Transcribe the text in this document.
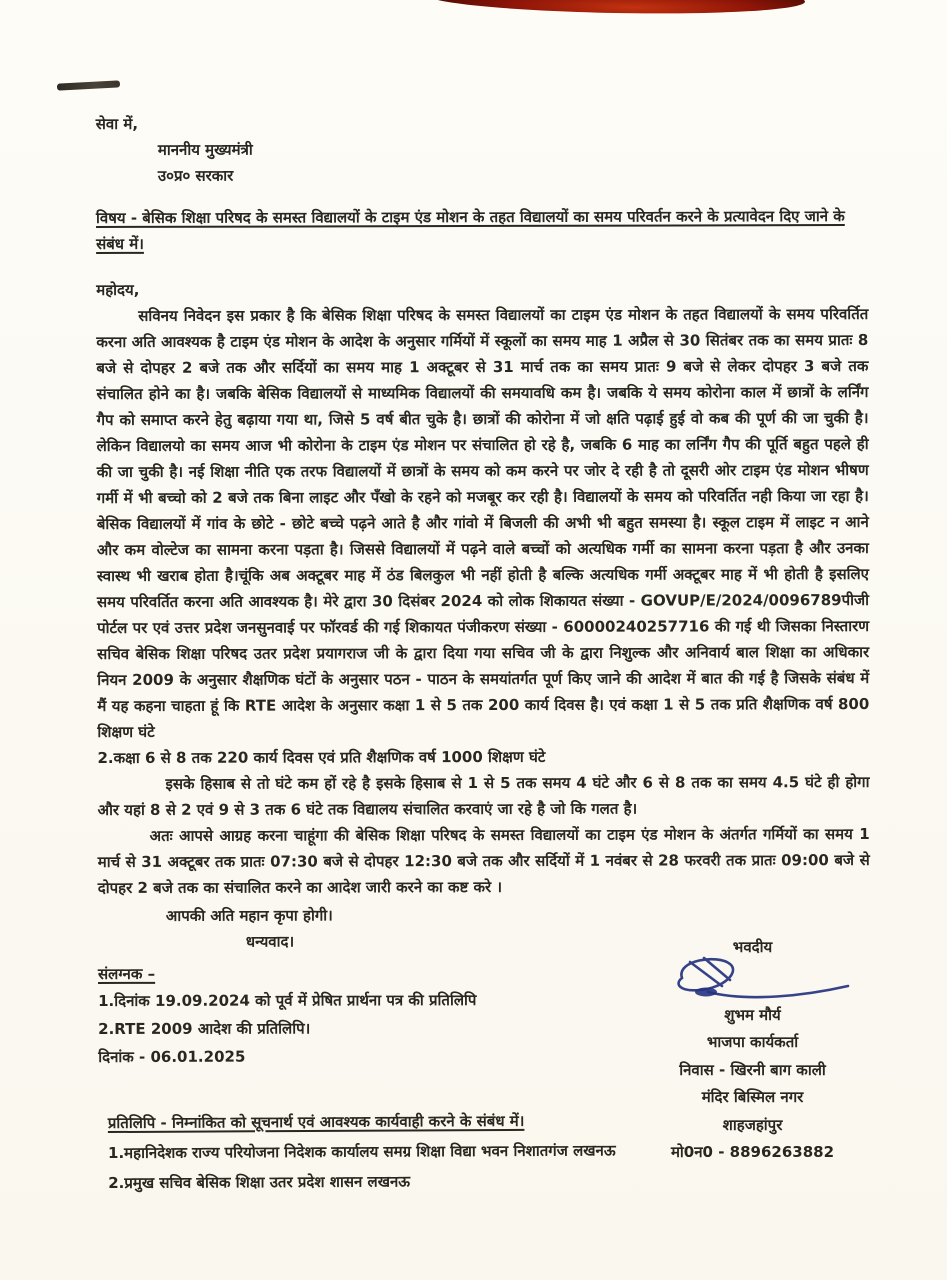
सेवा में,

माननीय मुख्यमंत्री
उ०प्र० सरकार
विषय - बेसिक शिक्षा परिषद के समस्त विद्यालयों के टाइम एंड मोशन के तहत विद्यालयों का समय परिवर्तन करने के प्रत्यावेदन दिए जाने के संबंध में।
महोदय,

सविनय निवेदन इस प्रकार है कि बेसिक शिक्षा परिषद के समस्त विद्यालयों का टाइम एंड मोशन के तहत विद्यालयों के समय परिवर्तित करना अति आवश्यक है टाइम एंड मोशन के आदेश के अनुसार गर्मियों में स्कूलों का समय माह 1 अप्रैल से 30 सितंबर तक का समय प्रातः 8 बजे से दोपहर 2 बजे तक और सर्दियों का समय माह 1 अक्टूबर से 31 मार्च तक का समय प्रातः 9 बजे से लेकर दोपहर 3 बजे तक संचालित होने का है। जबकि बेसिक विद्यालयों से माध्यमिक विद्यालयों की समयावधि कम है। जबकि ये समय कोरोना काल में छात्रों के लर्निंग गैप को समाप्त करने हेतु बढ़ाया गया था, जिसे 5 वर्ष बीत चुके है। छात्रों की कोरोना में जो क्षति पढ़ाई हुई वो कब की पूर्ण की जा चुकी है। लेकिन विद्यालयो का समय आज भी कोरोना के टाइम एंड मोशन पर संचालित हो रहे है, जबकि 6 माह का लर्निंग गैप की पूर्ति बहुत पहले ही की जा चुकी है। नई शिक्षा नीति एक तरफ विद्यालयों में छात्रों के समय को कम करने पर जोर दे रही है तो दूसरी ओर टाइम एंड मोशन भीषण गर्मी में भी बच्चो को 2 बजे तक बिना लाइट और पँखो के रहने को मजबूर कर रही है। विद्यालयों के समय को परिवर्तित नही किया जा रहा है। बेसिक विद्यालयों में गांव के छोटे - छोटे बच्चे पढ़ने आते है और गांवो में बिजली की अभी भी बहुत समस्या है। स्कूल टाइम में लाइट न आने और कम वोल्टेज का सामना करना पड़ता है। जिससे विद्यालयों में पढ़ने वाले बच्चों को अत्यधिक गर्मी का सामना करना पड़ता है और उनका स्वास्थ भी खराब होता है।चूंकि अब अक्टूबर माह में ठंड बिलकुल भी नहीं होती है बल्कि अत्यधिक गर्मी अक्टूबर माह में भी होती है इसलिए समय परिवर्तित करना अति आवश्यक है। मेरे द्वारा 30 दिसंबर 2024 को लोक शिकायत संख्या - GOVUP/E/2024/0096789पीजी पोर्टल पर एवं उत्तर प्रदेश जनसुनवाई पर फॉरवर्ड की गई शिकायत पंजीकरण संख्या - 60000240257716 की गई थी जिसका निस्तारण सचिव बेसिक शिक्षा परिषद उतर प्रदेश प्रयागराज जी के द्वारा दिया गया सचिव जी के द्वारा निशुल्क और अनिवार्य बाल शिक्षा का अधिकार नियन 2009 के अनुसार शैक्षणिक घंटों के अनुसार पठन - पाठन के समयांतर्गत पूर्ण किए जाने की आदेश में बात की गई है जिसके संबंध में मैं यह कहना चाहता हूं कि RTE आदेश के अनुसार कक्षा 1 से 5 तक 200 कार्य दिवस है। एवं कक्षा 1 से 5 तक प्रति शैक्षणिक वर्ष 800 शिक्षण घंटे

2.कक्षा 6 से 8 तक 220 कार्य दिवस एवं प्रति शैक्षणिक वर्ष 1000 शिक्षण घंटे

इसके हिसाब से तो घंटे कम हों रहे है इसके हिसाब से 1 से 5 तक समय 4 घंटे और 6 से 8 तक का समय 4.5 घंटे ही होगा और यहां 8 से 2 एवं 9 से 3 तक 6 घंटे तक विद्यालय संचालित करवाएं जा रहे है जो कि गलत है।

अतः आपसे आग्रह करना चाहूंगा की बेसिक शिक्षा परिषद के समस्त विद्यालयों का टाइम एंड मोशन के अंतर्गत गर्मियों का समय 1 मार्च से 31 अक्टूबर तक प्रातः 07:30 बजे से दोपहर 12:30 बजे तक और सर्दियों में 1 नवंबर से 28 फरवरी तक प्रातः 09:00 बजे से दोपहर 2 बजे तक का संचालित करने का आदेश जारी करने का कष्ट करे ।

आपकी अति महान कृपा होगी।

धन्यवाद।

संलग्नक –

1.दिनांक 19.09.2024 को पूर्व में प्रेषित प्रार्थना पत्र की प्रतिलिपि

2.RTE 2009 आदेश की प्रतिलिपि।

दिनांक - 06.01.2025

भवदीय
शुभम मौर्य
भाजपा कार्यकर्ता
निवास - खिरनी बाग काली
मंदिर बिस्मिल नगर
शाहजहांपुर
मो0न0 - 8896263882

प्रतिलिपि - निम्नांकित को सूचनार्थ एवं आवश्यक कार्यवाही करने के संबंध में।

1.महानिदेशक राज्य परियोजना निदेशक कार्यालय समग्र शिक्षा विद्या भवन निशातगंज लखनऊ

2.प्रमुख सचिव बेसिक शिक्षा उतर प्रदेश शासन लखनऊ
